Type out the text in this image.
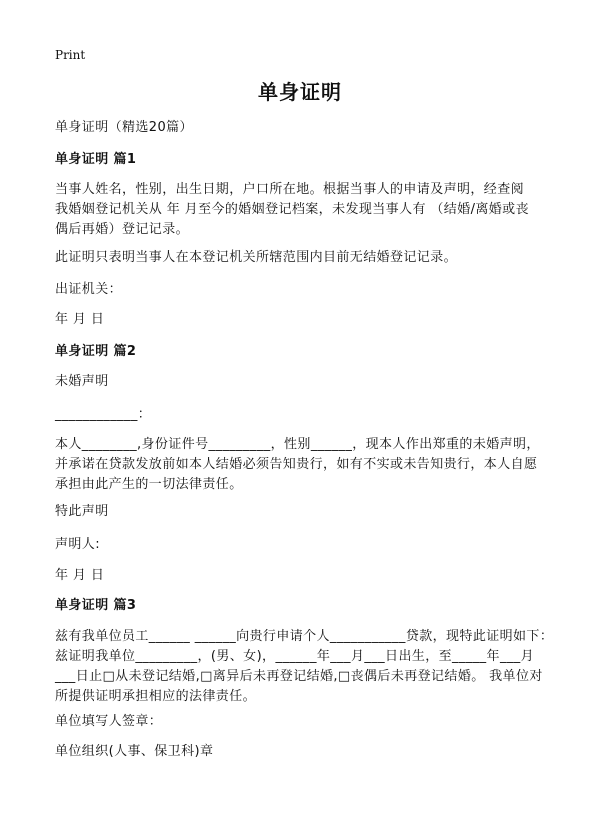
Print
单身证明
单身证明（精选20篇）
单身证明 篇1
当事人姓名，性别，出生日期，户口所在地。根据当事人的申请及声明，经查阅
我婚姻登记机关从 年 月至今的婚姻登记档案，未发现当事人有 （结婚/离婚或丧
偶后再婚）登记记录。
此证明只表明当事人在本登记机关所辖范围内目前无结婚登记记录。
出证机关：
年 月 日
单身证明 篇2
未婚声明
____________：
本人________,身份证件号_________，性别______，现本人作出郑重的未婚声明，
并承诺在贷款发放前如本人结婚必须告知贵行，如有不实或未告知贵行，本人自愿
承担由此产生的一切法律责任。
特此声明
声明人:
年 月 日
单身证明 篇3
兹有我单位员工______ ______向贵行申请个人___________贷款，现特此证明如下：
兹证明我单位_________，(男、女)，______年___月___日出生，至_____年___月
___日止□从未登记结婚,□离异后未再登记结婚,□丧偶后未再登记结婚。 我单位对
所提供证明承担相应的法律责任。
单位填写人签章：
单位组织(人事、保卫科)章
